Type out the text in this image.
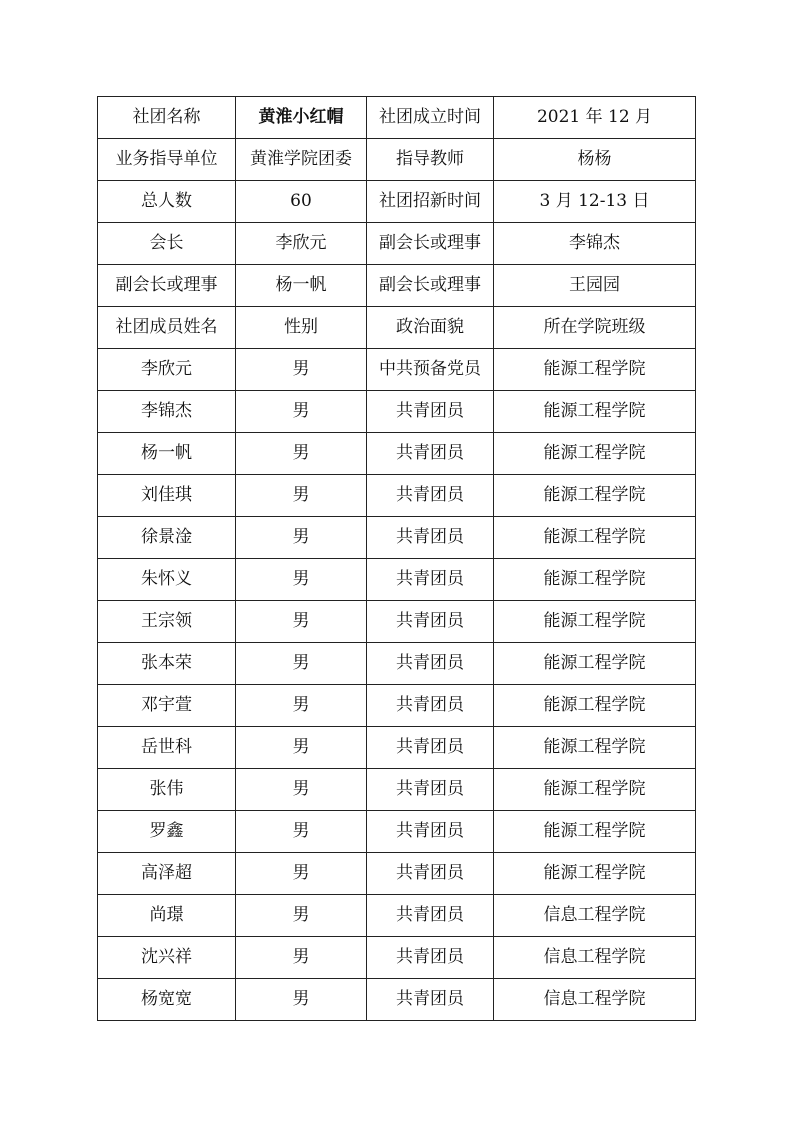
社团名称	黄淮小红帽	社团成立时间	2021 年 12 月
业务指导单位	黄淮学院团委	指导教师	杨杨
总人数	60	社团招新时间	3 月 12-13 日
会长	李欣元	副会长或理事	李锦杰
副会长或理事	杨一帆	副会长或理事	王园园
社团成员姓名	性别	政治面貌	所在学院班级
李欣元	男	中共预备党员	能源工程学院
李锦杰	男	共青团员	能源工程学院
杨一帆	男	共青团员	能源工程学院
刘佳琪	男	共青团员	能源工程学院
徐景淦	男	共青团员	能源工程学院
朱怀义	男	共青团员	能源工程学院
王宗领	男	共青团员	能源工程学院
张本荣	男	共青团员	能源工程学院
邓宇萱	男	共青团员	能源工程学院
岳世科	男	共青团员	能源工程学院
张伟	男	共青团员	能源工程学院
罗鑫	男	共青团员	能源工程学院
高泽超	男	共青团员	能源工程学院
尚璟	男	共青团员	信息工程学院
沈兴祥	男	共青团员	信息工程学院
杨宽宽	男	共青团员	信息工程学院
